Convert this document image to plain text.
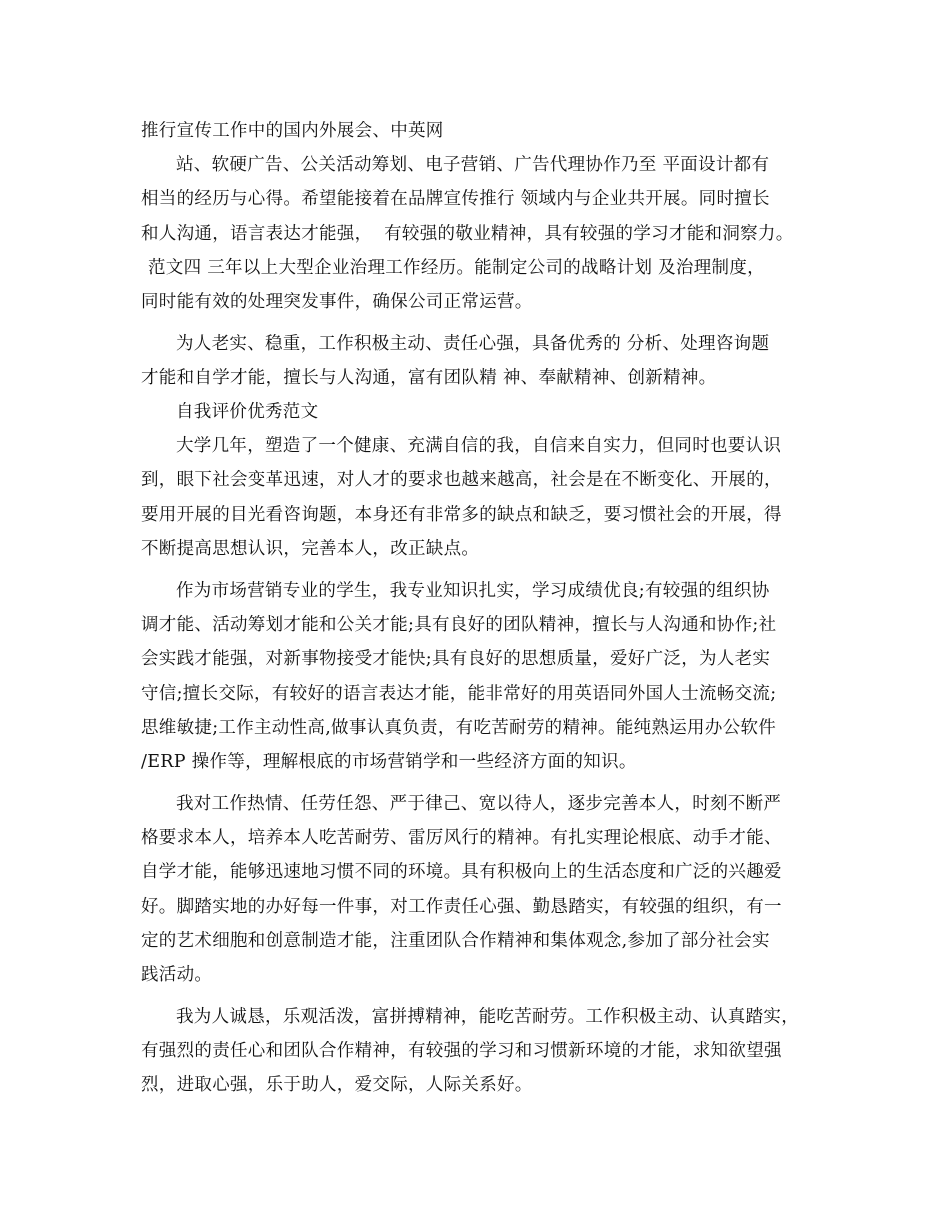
推行宣传工作中的国内外展会、中英网
站、软硬广告、公关活动筹划、电子营销、广告代理协作乃至 平面设计都有
相当的经历与心得。希望能接着在品牌宣传推行 领域内与企业共开展。同时擅长
和人沟通，语言表达才能强，  有较强的敬业精神，具有较强的学习才能和洞察力。
范文四 三年以上大型企业治理工作经历。能制定公司的战略计划 及治理制度，
同时能有效的处理突发事件，确保公司正常运营。
为人老实、稳重，工作积极主动、责任心强，具备优秀的 分析、处理咨询题
才能和自学才能，擅长与人沟通，富有团队精 神、奉献精神、创新精神。
自我评价优秀范文
大学几年，塑造了一个健康、充满自信的我，自信来自实力，但同时也要认识
到，眼下社会变革迅速，对人才的要求也越来越高，社会是在不断变化、开展的，
要用开展的目光看咨询题，本身还有非常多的缺点和缺乏，要习惯社会的开展，得
不断提高思想认识，完善本人，改正缺点。
作为市场营销专业的学生，我专业知识扎实，学习成绩优良;有较强的组织协
调才能、活动筹划才能和公关才能;具有良好的团队精神，擅长与人沟通和协作;社
会实践才能强，对新事物接受才能快;具有良好的思想质量，爱好广泛，为人老实
守信;擅长交际，有较好的语言表达才能，能非常好的用英语同外国人士流畅交流;
思维敏捷;工作主动性高,做事认真负责，有吃苦耐劳的精神。能纯熟运用办公软件
/ERP 操作等，理解根底的市场营销学和一些经济方面的知识。
我对工作热情、任劳任怨、严于律己、宽以待人，逐步完善本人，时刻不断严
格要求本人，培养本人吃苦耐劳、雷厉风行的精神。有扎实理论根底、动手才能、
自学才能，能够迅速地习惯不同的环境。具有积极向上的生活态度和广泛的兴趣爱
好。脚踏实地的办好每一件事，对工作责任心强、勤恳踏实，有较强的组织，有一
定的艺术细胞和创意制造才能，注重团队合作精神和集体观念,参加了部分社会实
践活动。
我为人诚恳，乐观活泼，富拼搏精神，能吃苦耐劳。工作积极主动、认真踏实，
有强烈的责任心和团队合作精神，有较强的学习和习惯新环境的才能，求知欲望强
烈，进取心强，乐于助人，爱交际，人际关系好。
